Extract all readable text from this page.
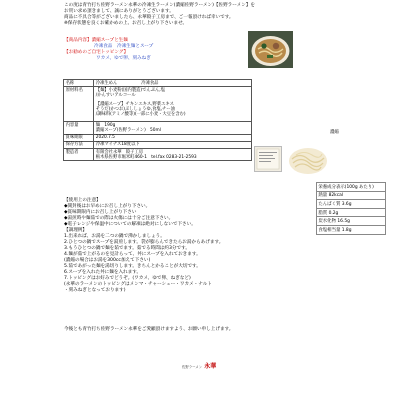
この度は青竹打ち佐野ラーメン永華の冷凍生ラーメン(濃縮佐野ラーメン)【佐野ラーメン】を
お買い求め頂きまして、誠にありがとうございます。
商品に不具合等がございましたら、永華餃子工房まで、ご一報頂ければ幸いです。
※保存状態を良くお確かめの上、お召し上がり下さいませ。
【商品内容】濃縮スープと生麺
冷凍食品　冷凍生麺とスープ
【お勧めのご自宅トッピング】
ワカメ、ゆで卵、刻みねぎ
名称	冷凍生めん 冷凍食品
原材料名	【麺】小麦粉(国内製造)でんぷん,塩
/かんすいアルコール
【濃縮スープ】チキンエキス,野菜エキス
そうだ(かつお)ぶししょうゆ,食塩,チー油
/調味料(アミノ酸等)(一部に小麦・大豆を含む)

内容量	麺　190g
濃縮スープ(佐野ラーメン)　50ml

賞味期限	2020.7.5
保存方法	冷凍マイナス18度以下
製造者	有限会社永華　餃子工房
栃木県佐野市堀米町460-1　tel.fax 0283-21-2593
濃縮
栄養成分表示(100g あたり)
熱量 82kcal
たんぱく質 3.6g
脂質 0.2g
炭水化物 16.5g
食塩相当量 1.8g
【使用上の注意】
◆開封後はお早めにお召し上がり下さい。
◆賞味期限内にお召し上がり下さい
◆湯煎時や麺茹での際は火傷には十分ご注意下さい。
◆電子レンジや保温中についての解凍は絶対にしないで下さい。
【調理例】
1.出来れば、お湯を二つの鍋で沸かしましょう。
2.ひとつの鍋でスープを湯煎します。袋が膨らんできたらお湯からあげます。
3.もうひとつの鍋で麺を茹でます。茹でる時間は約3分です。
4.麺が茹で上がるのを見計らって、丼にスープを入れておきます。
(濃縮の場合はお湯を300cc加えて下さい)
5.茹であがった麺を湯切りします。きちんとかることが大切です。
6.スープを入れた丼に麺を入れます。
7.トッピングはお好みでどうぞ。(ワカメ、ゆで卵、ねぎなど)
(永華のラーメンのトッピングはメンマ・チャーシュー・ワカメ・ナルト
・刻みねぎとなっております)
今後とも青竹打ち佐野ラーメン永華をご愛顧頂けますよう、お願い申し上げます。
佐野ラーメン 永華
